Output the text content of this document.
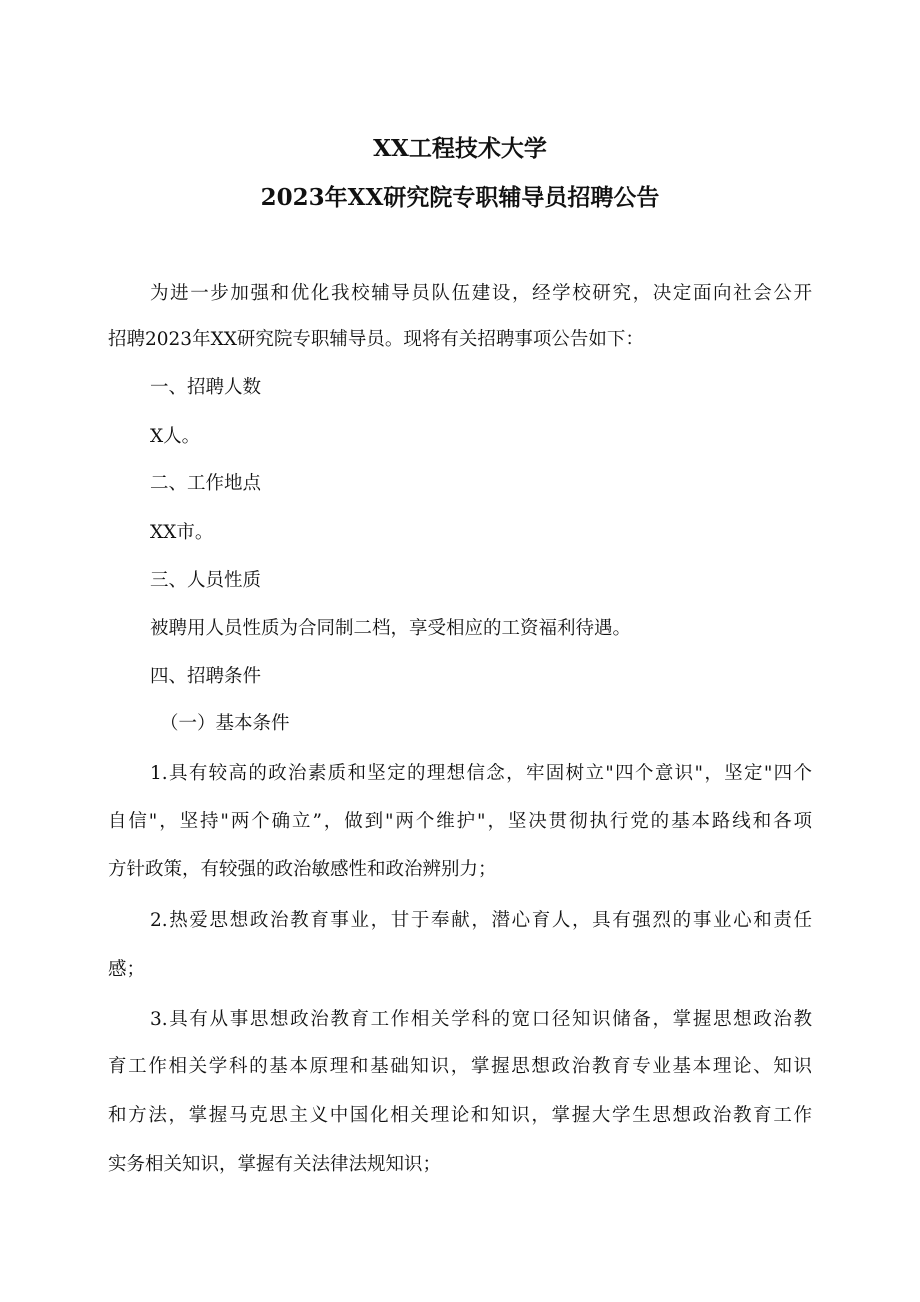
XX工程技术大学
2023年XX研究院专职辅导员招聘公告
为进一步加强和优化我校辅导员队伍建设，经学校研究，决定面向社会公开
招聘2023年XX研究院专职辅导员。现将有关招聘事项公告如下：
一、招聘人数
X人。
二、工作地点
XX市。
三、人员性质
被聘用人员性质为合同制二档，享受相应的工资福利待遇。
四、招聘条件
（一）基本条件
1.具有较高的政治素质和坚定的理想信念，牢固树立"四个意识"，坚定"四个
自信"，坚持"两个确立”，做到"两个维护"，坚决贯彻执行党的基本路线和各项
方针政策，有较强的政治敏感性和政治辨别力；
2.热爱思想政治教育事业，甘于奉献，潜心育人，具有强烈的事业心和责任
感；
3.具有从事思想政治教育工作相关学科的宽口径知识储备，掌握思想政治教
育工作相关学科的基本原理和基础知识，掌握思想政治教育专业基本理论、知识
和方法，掌握马克思主义中国化相关理论和知识，掌握大学生思想政治教育工作
实务相关知识，掌握有关法律法规知识；
